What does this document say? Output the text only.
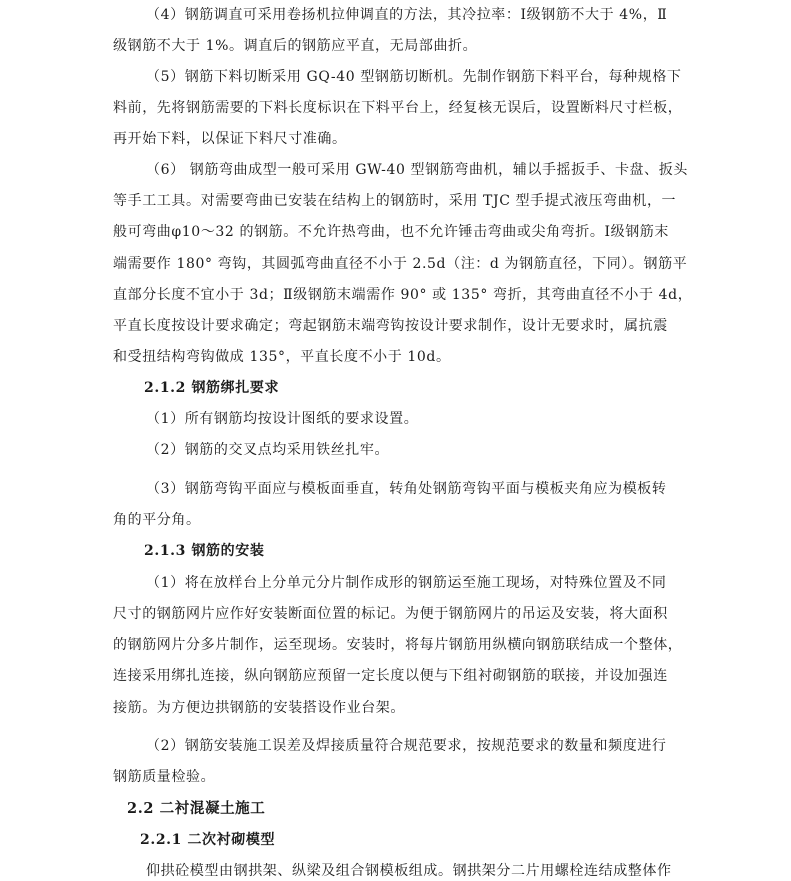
（4）钢筋调直可采用卷扬机拉伸调直的方法，其冷拉率：Ⅰ级钢筋不大于 4%，Ⅱ
级钢筋不大于 1%。调直后的钢筋应平直，无局部曲折。
（5）钢筋下料切断采用 GQ-40 型钢筋切断机。先制作钢筋下料平台，每种规格下
料前，先将钢筋需要的下料长度标识在下料平台上，经复核无误后，设置断料尺寸栏板，
再开始下料，以保证下料尺寸准确。
（6） 钢筋弯曲成型一般可采用 GW-40 型钢筋弯曲机，辅以手摇扳手、卡盘、扳头
等手工工具。对需要弯曲已安装在结构上的钢筋时，采用 TJC 型手提式液压弯曲机，一
般可弯曲φ10～32 的钢筋。不允许热弯曲，也不允许锤击弯曲或尖角弯折。Ⅰ级钢筋末
端需要作 180° 弯钩，其圆弧弯曲直径不小于 2.5d（注：d 为钢筋直径，下同）。钢筋平
直部分长度不宜小于 3d；Ⅱ级钢筋末端需作 90° 或 135° 弯折，其弯曲直径不小于 4d，
平直长度按设计要求确定；弯起钢筋末端弯钩按设计要求制作，设计无要求时，属抗震
和受扭结构弯钩做成 135°，平直长度不小于 10d。
2.1.2 钢筋绑扎要求
（1）所有钢筋均按设计图纸的要求设置。
（2）钢筋的交叉点均采用铁丝扎牢。
（3）钢筋弯钩平面应与模板面垂直，转角处钢筋弯钩平面与模板夹角应为模板转
角的平分角。
2.1.3 钢筋的安装
（1）将在放样台上分单元分片制作成形的钢筋运至施工现场，对特殊位置及不同
尺寸的钢筋网片应作好安装断面位置的标记。为便于钢筋网片的吊运及安装，将大面积
的钢筋网片分多片制作，运至现场。安装时，将每片钢筋用纵横向钢筋联结成一个整体，
连接采用绑扎连接，纵向钢筋应预留一定长度以便与下组衬砌钢筋的联接，并设加强连
接筋。为方便边拱钢筋的安装搭设作业台架。
（2）钢筋安装施工误差及焊接质量符合规范要求，按规范要求的数量和频度进行
钢筋质量检验。
2.2 二衬混凝土施工
2.2.1 二次衬砌模型
仰拱砼模型由钢拱架、纵梁及组合钢模板组成。钢拱架分二片用螺栓连结成整体作
